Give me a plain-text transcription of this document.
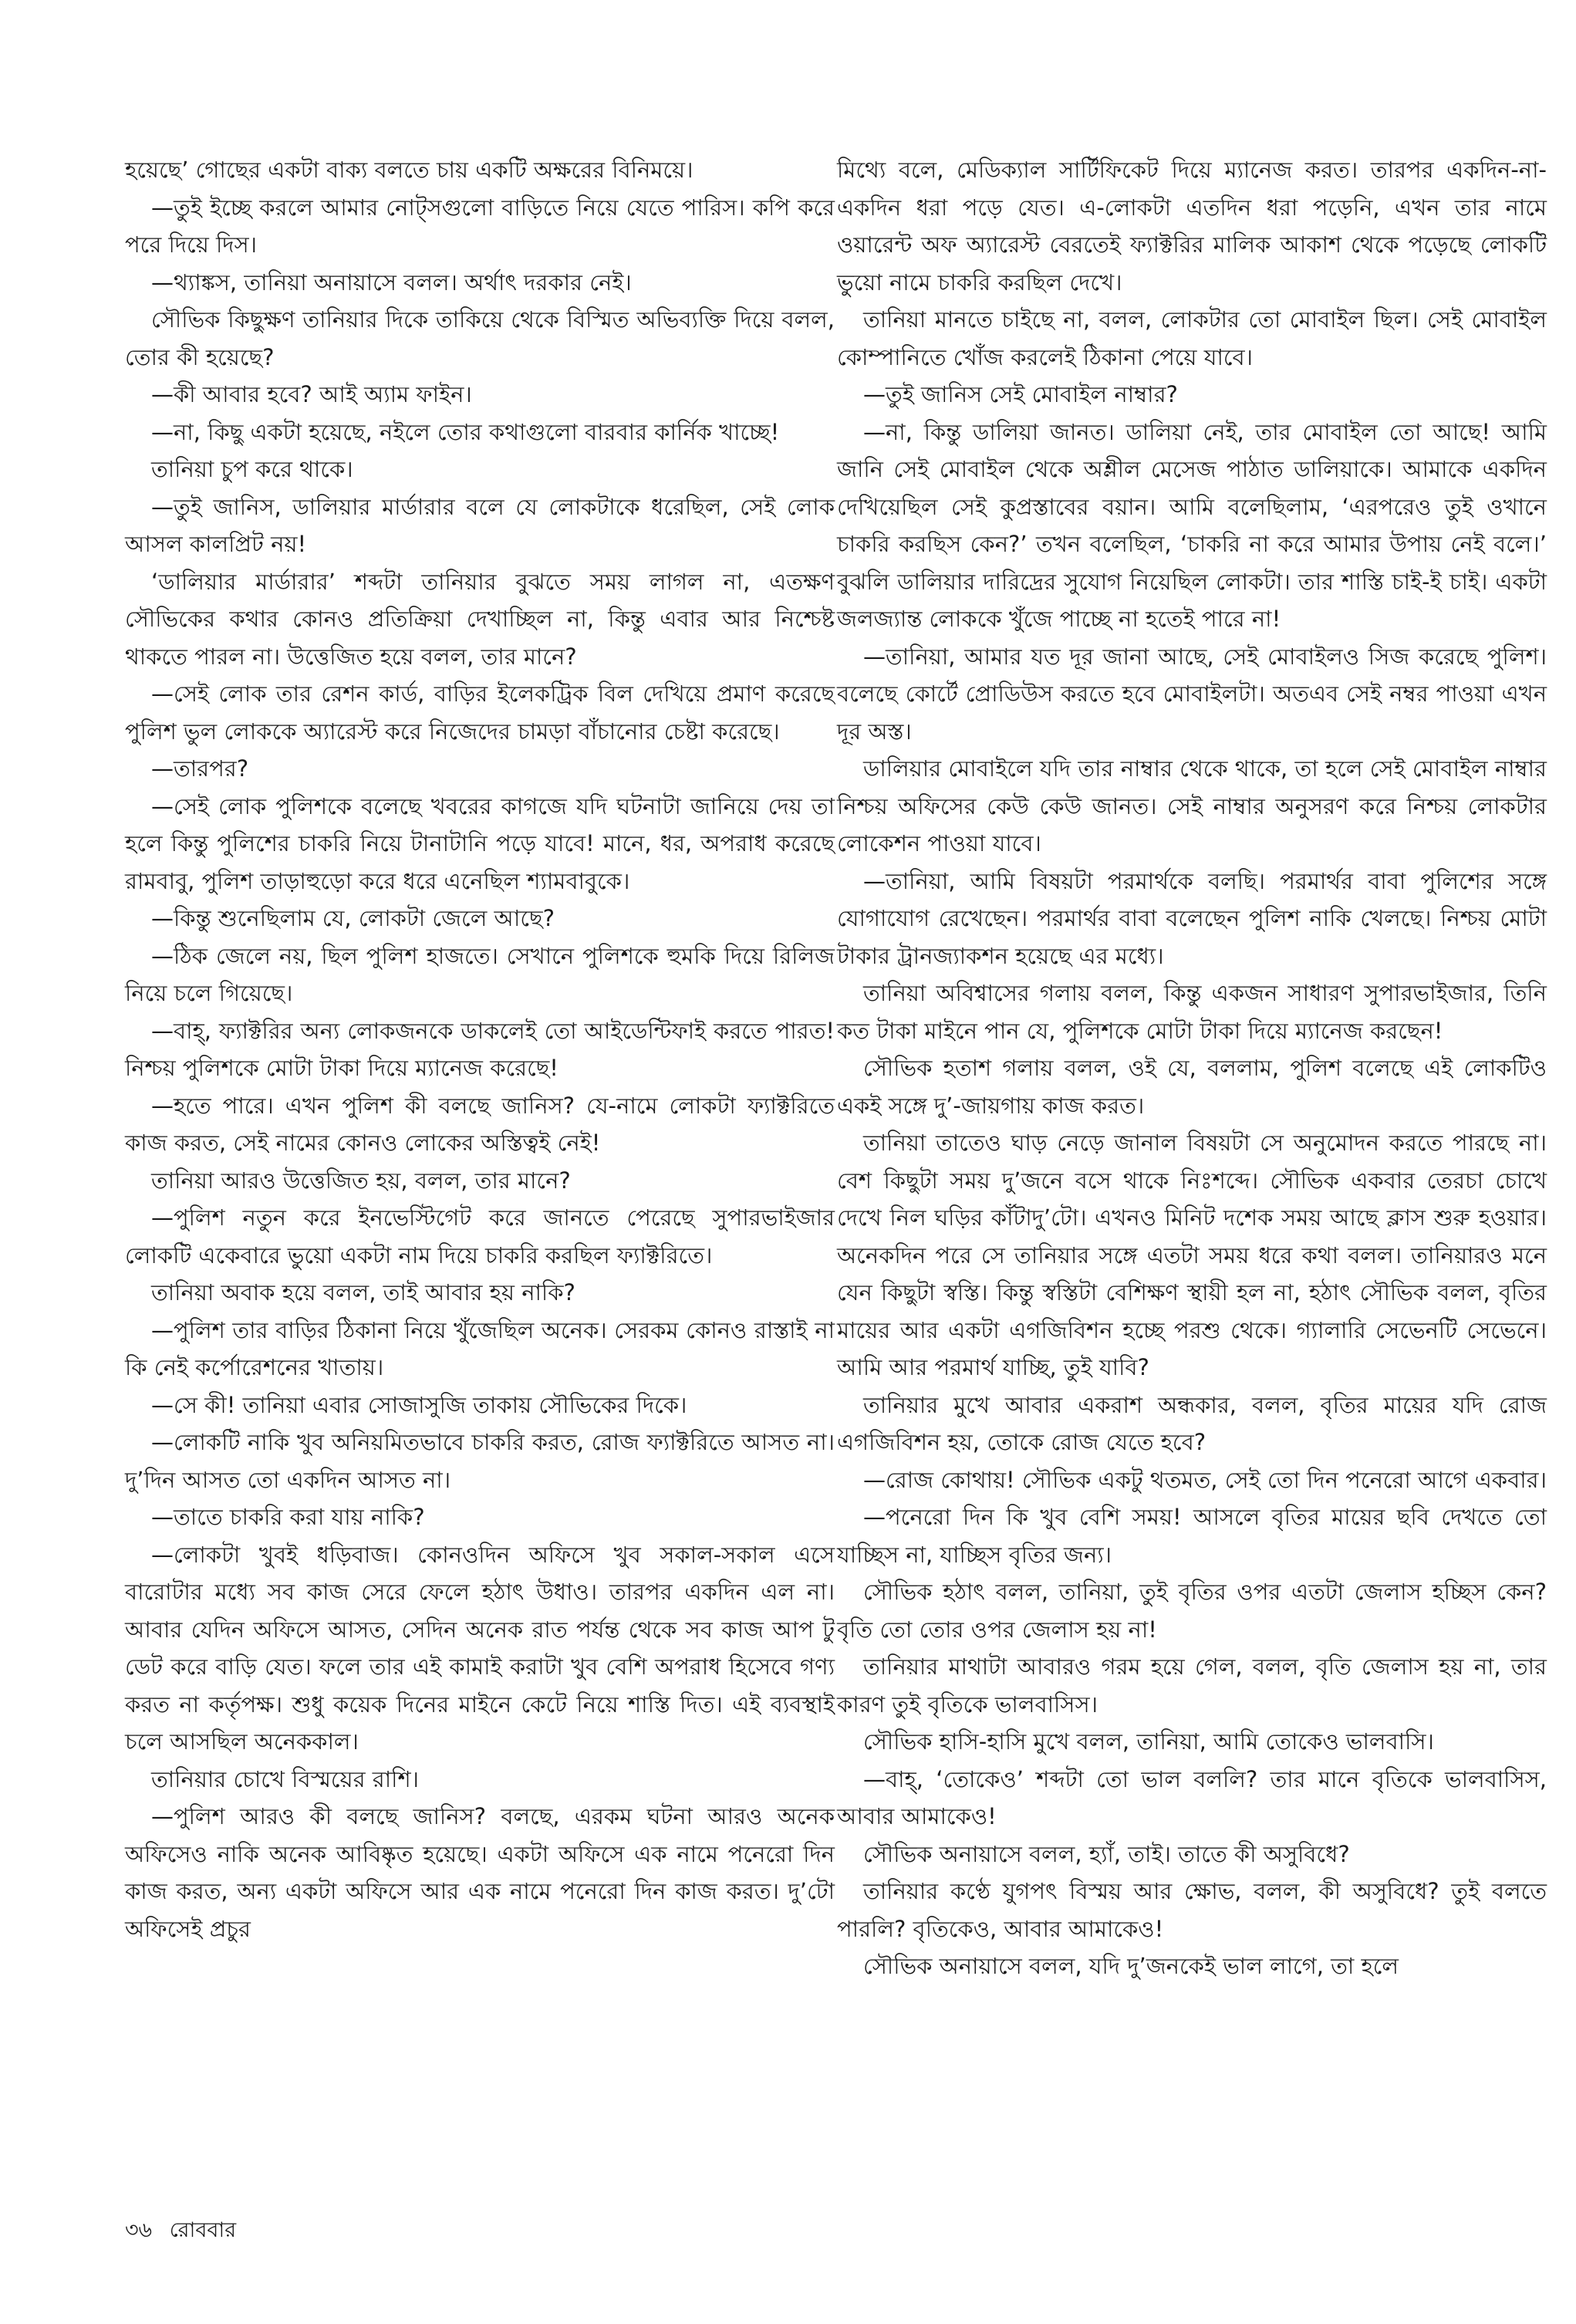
হয়েছে’ গোছের একটা বাক্য বলতে চায় একটি অক্ষরের বিনিময়ে।

—তুই ইচ্ছে করলে আমার নোট্‌সগুলো বাড়িতে নিয়ে যেতে পারিস। কপি করে পরে দিয়ে দিস।

—থ্যাঙ্কস, তানিয়া অনায়াসে বলল। অর্থাৎ দরকার নেই।

সৌভিক কিছুক্ষণ তানিয়ার দিকে তাকিয়ে থেকে বিস্মিত অভিব্যক্তি দিয়ে বলল, তোর কী হয়েছে?

—কী আবার হবে? আই অ্যাম ফাইন।

—না, কিছু একটা হয়েছে, নইলে তোর কথাগুলো বারবার কার্নিক খাচ্ছে!

তানিয়া চুপ করে থাকে।

—তুই জানিস, ডালিয়ার মার্ডারার বলে যে লোকটাকে ধরেছিল, সেই লোক আসল কালপ্রিট নয়!

‘ডালিয়ার মার্ডারার’ শব্দটা তানিয়ার বুঝতে সময় লাগল না, এতক্ষণ সৌভিকের কথার কোনও প্রতিক্রিয়া দেখাচ্ছিল না, কিন্তু এবার আর নিশ্চেষ্ট থাকতে পারল না। উত্তেজিত হয়ে বলল, তার মানে?

—সেই লোক তার রেশন কার্ড, বাড়ির ইলেকট্রিক বিল দেখিয়ে প্রমাণ করেছে পুলিশ ভুল লোককে অ্যারেস্ট করে নিজেদের চামড়া বাঁচানোর চেষ্টা করেছে।

—তারপর?

—সেই লোক পুলিশকে বলেছে খবরের কাগজে যদি ঘটনাটা জানিয়ে দেয় তা হলে কিন্তু পুলিশের চাকরি নিয়ে টানাটানি পড়ে যাবে! মানে, ধর, অপরাধ করেছে রামবাবু, পুলিশ তাড়াহুড়ো করে ধরে এনেছিল শ্যামবাবুকে।

—কিন্তু শুনেছিলাম যে, লোকটা জেলে আছে?

—ঠিক জেলে নয়, ছিল পুলিশ হাজতে। সেখানে পুলিশকে হুমকি দিয়ে রিলিজ নিয়ে চলে গিয়েছে।

—বাহ্‌, ফ্যাক্টরির অন্য লোকজনকে ডাকলেই তো আইডেন্টিফাই করতে পারত! নিশ্চয় পুলিশকে মোটা টাকা দিয়ে ম্যানেজ করেছে!

—হতে পারে। এখন পুলিশ কী বলছে জানিস? যে-নামে লোকটা ফ্যাক্টরিতে কাজ করত, সেই নামের কোনও লোকের অস্তিত্বই নেই!

তানিয়া আরও উত্তেজিত হয়, বলল, তার মানে?

—পুলিশ নতুন করে ইনভেস্টিগেট করে জানতে পেরেছে সুপারভাইজার লোকটি একেবারে ভুয়ো একটা নাম দিয়ে চাকরি করছিল ফ্যাক্টরিতে।

তানিয়া অবাক হয়ে বলল, তাই আবার হয় নাকি?

—পুলিশ তার বাড়ির ঠিকানা নিয়ে খুঁজেছিল অনেক। সেরকম কোনও রাস্তাই না কি নেই কর্পোরেশনের খাতায়।

—সে কী! তানিয়া এবার সোজাসুজি তাকায় সৌভিকের দিকে।

—লোকটি নাকি খুব অনিয়মিতভাবে চাকরি করত, রোজ ফ্যাক্টরিতে আসত না। দু’দিন আসত তো একদিন আসত না।

—তাতে চাকরি করা যায় নাকি?

—লোকটা খুবই ধড়িবাজ। কোনওদিন অফিসে খুব সকাল-সকাল এসে বারোটার মধ্যে সব কাজ সেরে ফেলে হঠাৎ উধাও। তারপর একদিন এল না। আবার যেদিন অফিসে আসত, সেদিন অনেক রাত পর্যন্ত থেকে সব কাজ আপ টু ডেট করে বাড়ি যেত। ফলে তার এই কামাই করাটা খুব বেশি অপরাধ হিসেবে গণ্য করত না কর্তৃপক্ষ। শুধু কয়েক দিনের মাইনে কেটে নিয়ে শাস্তি দিত। এই ব্যবস্থাই চলে আসছিল অনেককাল।

তানিয়ার চোখে বিস্ময়ের রাশি।

—পুলিশ আরও কী বলছে জানিস? বলছে, এরকম ঘটনা আরও অনেক অফিসেও নাকি অনেক আবিষ্কৃত হয়েছে। একটা অফিসে এক নামে পনেরো দিন কাজ করত, অন্য একটা অফিসে আর এক নামে পনেরো দিন কাজ করত। দু’টো অফিসেই প্রচুর

মিথ্যে বলে, মেডিক্যাল সার্টিফিকেট দিয়ে ম্যানেজ করত। তারপর একদিন-না-একদিন ধরা পড়ে যেত। এ-লোকটা এতদিন ধরা পড়েনি, এখন তার নামে ওয়ারেন্ট অফ অ্যারেস্ট বেরতেই ফ্যাক্টরির মালিক আকাশ থেকে পড়েছে লোকটি ভুয়ো নামে চাকরি করছিল দেখে।

তানিয়া মানতে চাইছে না, বলল, লোকটার তো মোবাইল ছিল। সেই মোবাইল কোম্পানিতে খোঁজ করলেই ঠিকানা পেয়ে যাবে।

—তুই জানিস সেই মোবাইল নাম্বার?

—না, কিন্তু ডালিয়া জানত। ডালিয়া নেই, তার মোবাইল তো আছে! আমি জানি সেই মোবাইল থেকে অশ্লীল মেসেজ পাঠাত ডালিয়াকে। আমাকে একদিন দেখিয়েছিল সেই কুপ্রস্তাবের বয়ান। আমি বলেছিলাম, ‘এরপরেও তুই ওখানে চাকরি করছিস কেন?’ তখন বলেছিল, ‘চাকরি না করে আমার উপায় নেই বলে।’ বুঝলি ডালিয়ার দারিদ্রের সুযোগ নিয়েছিল লোকটা। তার শাস্তি চাই-ই চাই। একটা জলজ্যান্ত লোককে খুঁজে পাচ্ছে না হতেই পারে না!

—তানিয়া, আমার যত দূর জানা আছে, সেই মোবাইলও সিজ করেছে পুলিশ। বলেছে কোর্টে প্রোডিউস করতে হবে মোবাইলটা। অতএব সেই নম্বর পাওয়া এখন দূর অস্ত।

ডালিয়ার মোবাইলে যদি তার নাম্বার থেকে থাকে, তা হলে সেই মোবাইল নাম্বার নিশ্চয় অফিসের কেউ কেউ জানত। সেই নাম্বার অনুসরণ করে নিশ্চয় লোকটার লোকেশন পাওয়া যাবে।

—তানিয়া, আমি বিষয়টা পরমার্থকে বলছি। পরমার্থর বাবা পুলিশের সঙ্গে যোগাযোগ রেখেছেন। পরমার্থর বাবা বলেছেন পুলিশ নাকি খেলছে। নিশ্চয় মোটা টাকার ট্রানজ্যাকশন হয়েছে এর মধ্যে।

তানিয়া অবিশ্বাসের গলায় বলল, কিন্তু একজন সাধারণ সুপারভাইজার, তিনি কত টাকা মাইনে পান যে, পুলিশকে মোটা টাকা দিয়ে ম্যানেজ করছেন!

সৌভিক হতাশ গলায় বলল, ওই যে, বললাম, পুলিশ বলেছে এই লোকটিও একই সঙ্গে দু’-জায়গায় কাজ করত।

তানিয়া তাতেও ঘাড় নেড়ে জানাল বিষয়টা সে অনুমোদন করতে পারছে না। বেশ কিছুটা সময় দু’জনে বসে থাকে নিঃশব্দে। সৌভিক একবার তেরচা চোখে দেখে নিল ঘড়ির কাঁটাদু’টো। এখনও মিনিট দশেক সময় আছে ক্লাস শুরু হওয়ার। অনেকদিন পরে সে তানিয়ার সঙ্গে এতটা সময় ধরে কথা বলল। তানিয়ারও মনে যেন কিছুটা স্বস্তি। কিন্তু স্বস্তিটা বেশিক্ষণ স্থায়ী হল না, হঠাৎ সৌভিক বলল, বৃতির মায়ের আর একটা এগজিবিশন হচ্ছে পরশু থেকে। গ্যালারি সেভেনটি সেভেনে। আমি আর পরমার্থ যাচ্ছি, তুই যাবি?

তানিয়ার মুখে আবার একরাশ অন্ধকার, বলল, বৃতির মায়ের যদি রোজ এগজিবিশন হয়, তোকে রোজ যেতে হবে?

—রোজ কোথায়! সৌভিক একটু থতমত, সেই তো দিন পনেরো আগে একবার।

—পনেরো দিন কি খুব বেশি সময়! আসলে বৃতির মায়ের ছবি দেখতে তো যাচ্ছিস না, যাচ্ছিস বৃতির জন্য।

সৌভিক হঠাৎ বলল, তানিয়া, তুই বৃতির ওপর এতটা জেলাস হচ্ছিস কেন? বৃতি তো তোর ওপর জেলাস হয় না!

তানিয়ার মাথাটা আবারও গরম হয়ে গেল, বলল, বৃতি জেলাস হয় না, তার কারণ তুই বৃতিকে ভালবাসিস।

সৌভিক হাসি-হাসি মুখে বলল, তানিয়া, আমি তোকেও ভালবাসি।

—বাহ্‌, ‘তোকেও’ শব্দটা তো ভাল বললি? তার মানে বৃতিকে ভালবাসিস, আবার আমাকেও!

সৌভিক অনায়াসে বলল, হ্যাঁ, তাই। তাতে কী অসুবিধে?

তানিয়ার কণ্ঠে যুগপৎ বিস্ময় আর ক্ষোভ, বলল, কী অসুবিধে? তুই বলতে পারলি? বৃতিকেও, আবার আমাকেও!

সৌভিক অনায়াসে বলল, যদি দু’জনকেই ভাল লাগে, তা হলে

৩৬ রোববার
